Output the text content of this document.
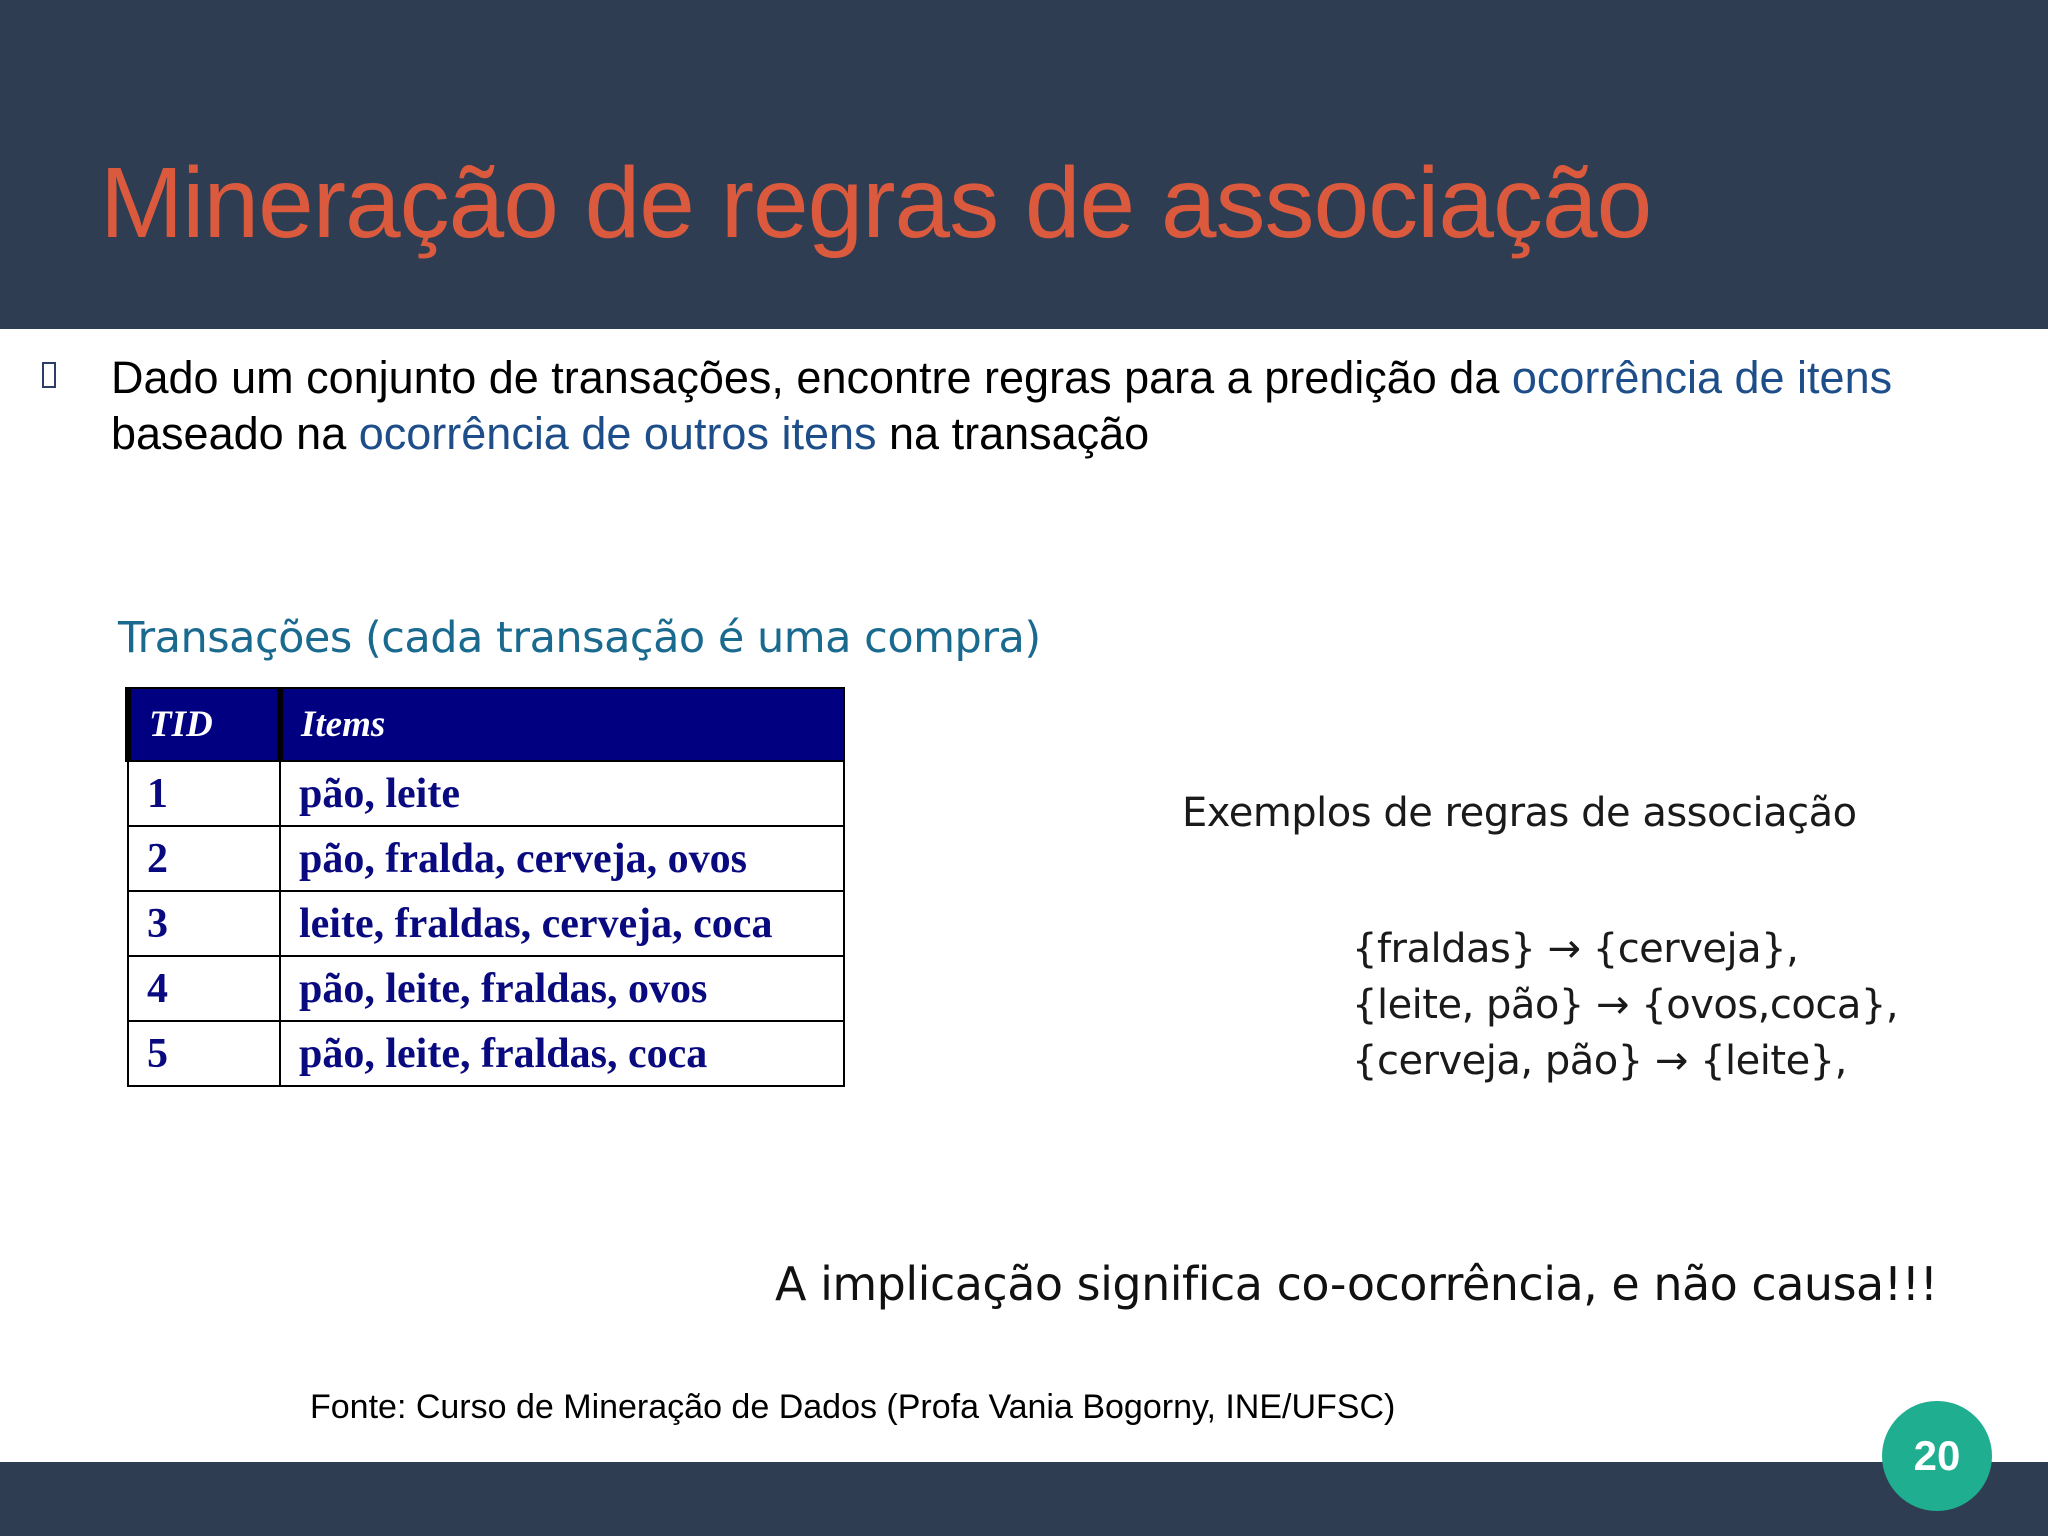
Mineração de regras de associação
Dado um conjunto de transações, encontre regras para a predição da ocorrência de itens baseado na ocorrência de outros itens na transação
Transações (cada transação é uma compra)
TID	Items
1	pão, leite
2	pão, fralda, cerveja, ovos
3	leite, fraldas, cerveja, coca
4	pão, leite, fraldas, ovos
5	pão, leite, fraldas, coca
Exemplos de regras de associação
{fraldas} → {cerveja},
{leite, pão} → {ovos,coca},
{cerveja, pão} → {leite},
A implicação significa co-ocorrência, e não causa!!!
Fonte: Curso de Mineração de Dados (Profa Vania Bogorny, INE/UFSC)
20
